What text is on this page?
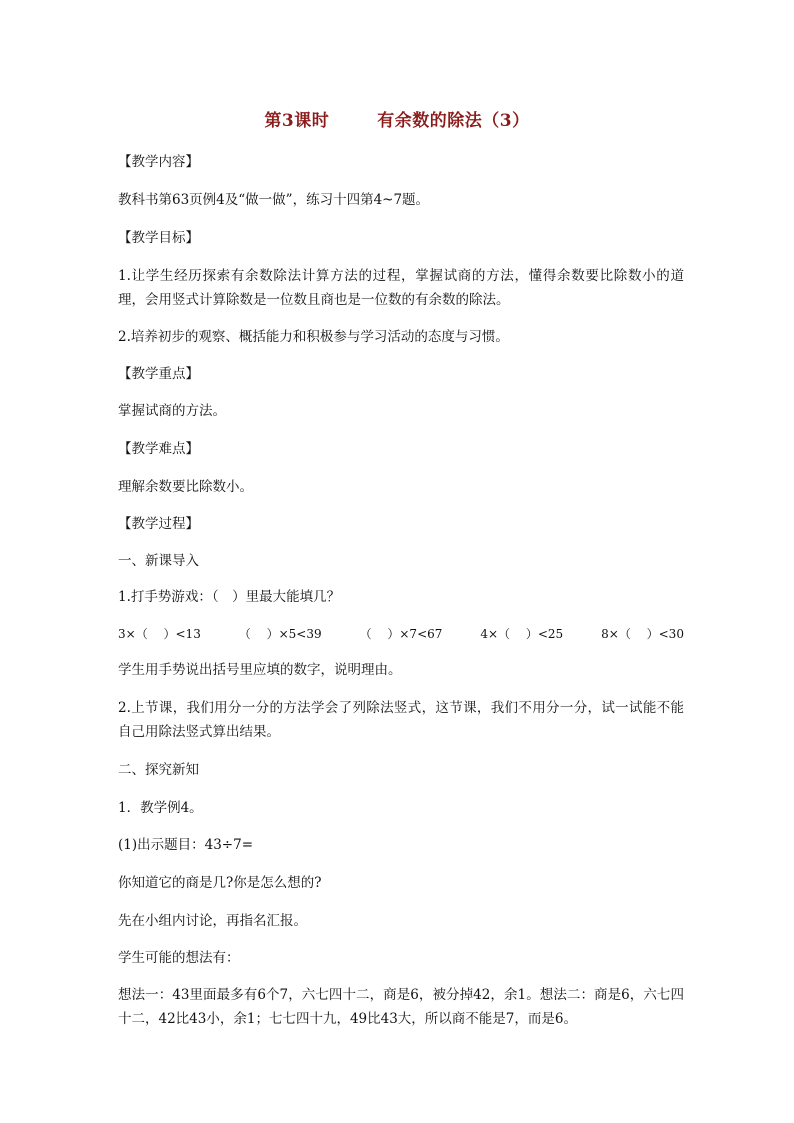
第3课时	有余数的除法（3）
【教学内容】
教科书第63页例4及“做一做”，练习十四第4~7题。
【教学目标】
1.让学生经历探索有余数除法计算方法的过程，掌握试商的方法，懂得余数要比除数小的道理，会用竖式计算除数是一位数且商也是一位数的有余数的除法。
2.培养初步的观察、概括能力和积极参与学习活动的态度与习惯。
【教学重点】
掌握试商的方法。
【教学难点】
理解余数要比除数小。
【教学过程】
一、新课导入
1.打手势游戏：（　）里最大能填几？
3×（　 ）<13	（　 ）×5<39	（　 ）×7<67	4×（　 ）<25	8×（　 ）<30
学生用手势说出括号里应填的数字，说明理由。
2.上节课，我们用分一分的方法学会了列除法竖式，这节课，我们不用分一分，试一试能不能自己用除法竖式算出结果。
二、探究新知
1．教学例4。
(1)出示题目：43÷7=
你知道它的商是几?你是怎么想的?
先在小组内讨论，再指名汇报。
学生可能的想法有：
想法一：43里面最多有6个7，六七四十二，商是6，被分掉42，余1。想法二：商是6，六七四十二，42比43小，余1；七七四十九，49比43大，所以商不能是7，而是6。
